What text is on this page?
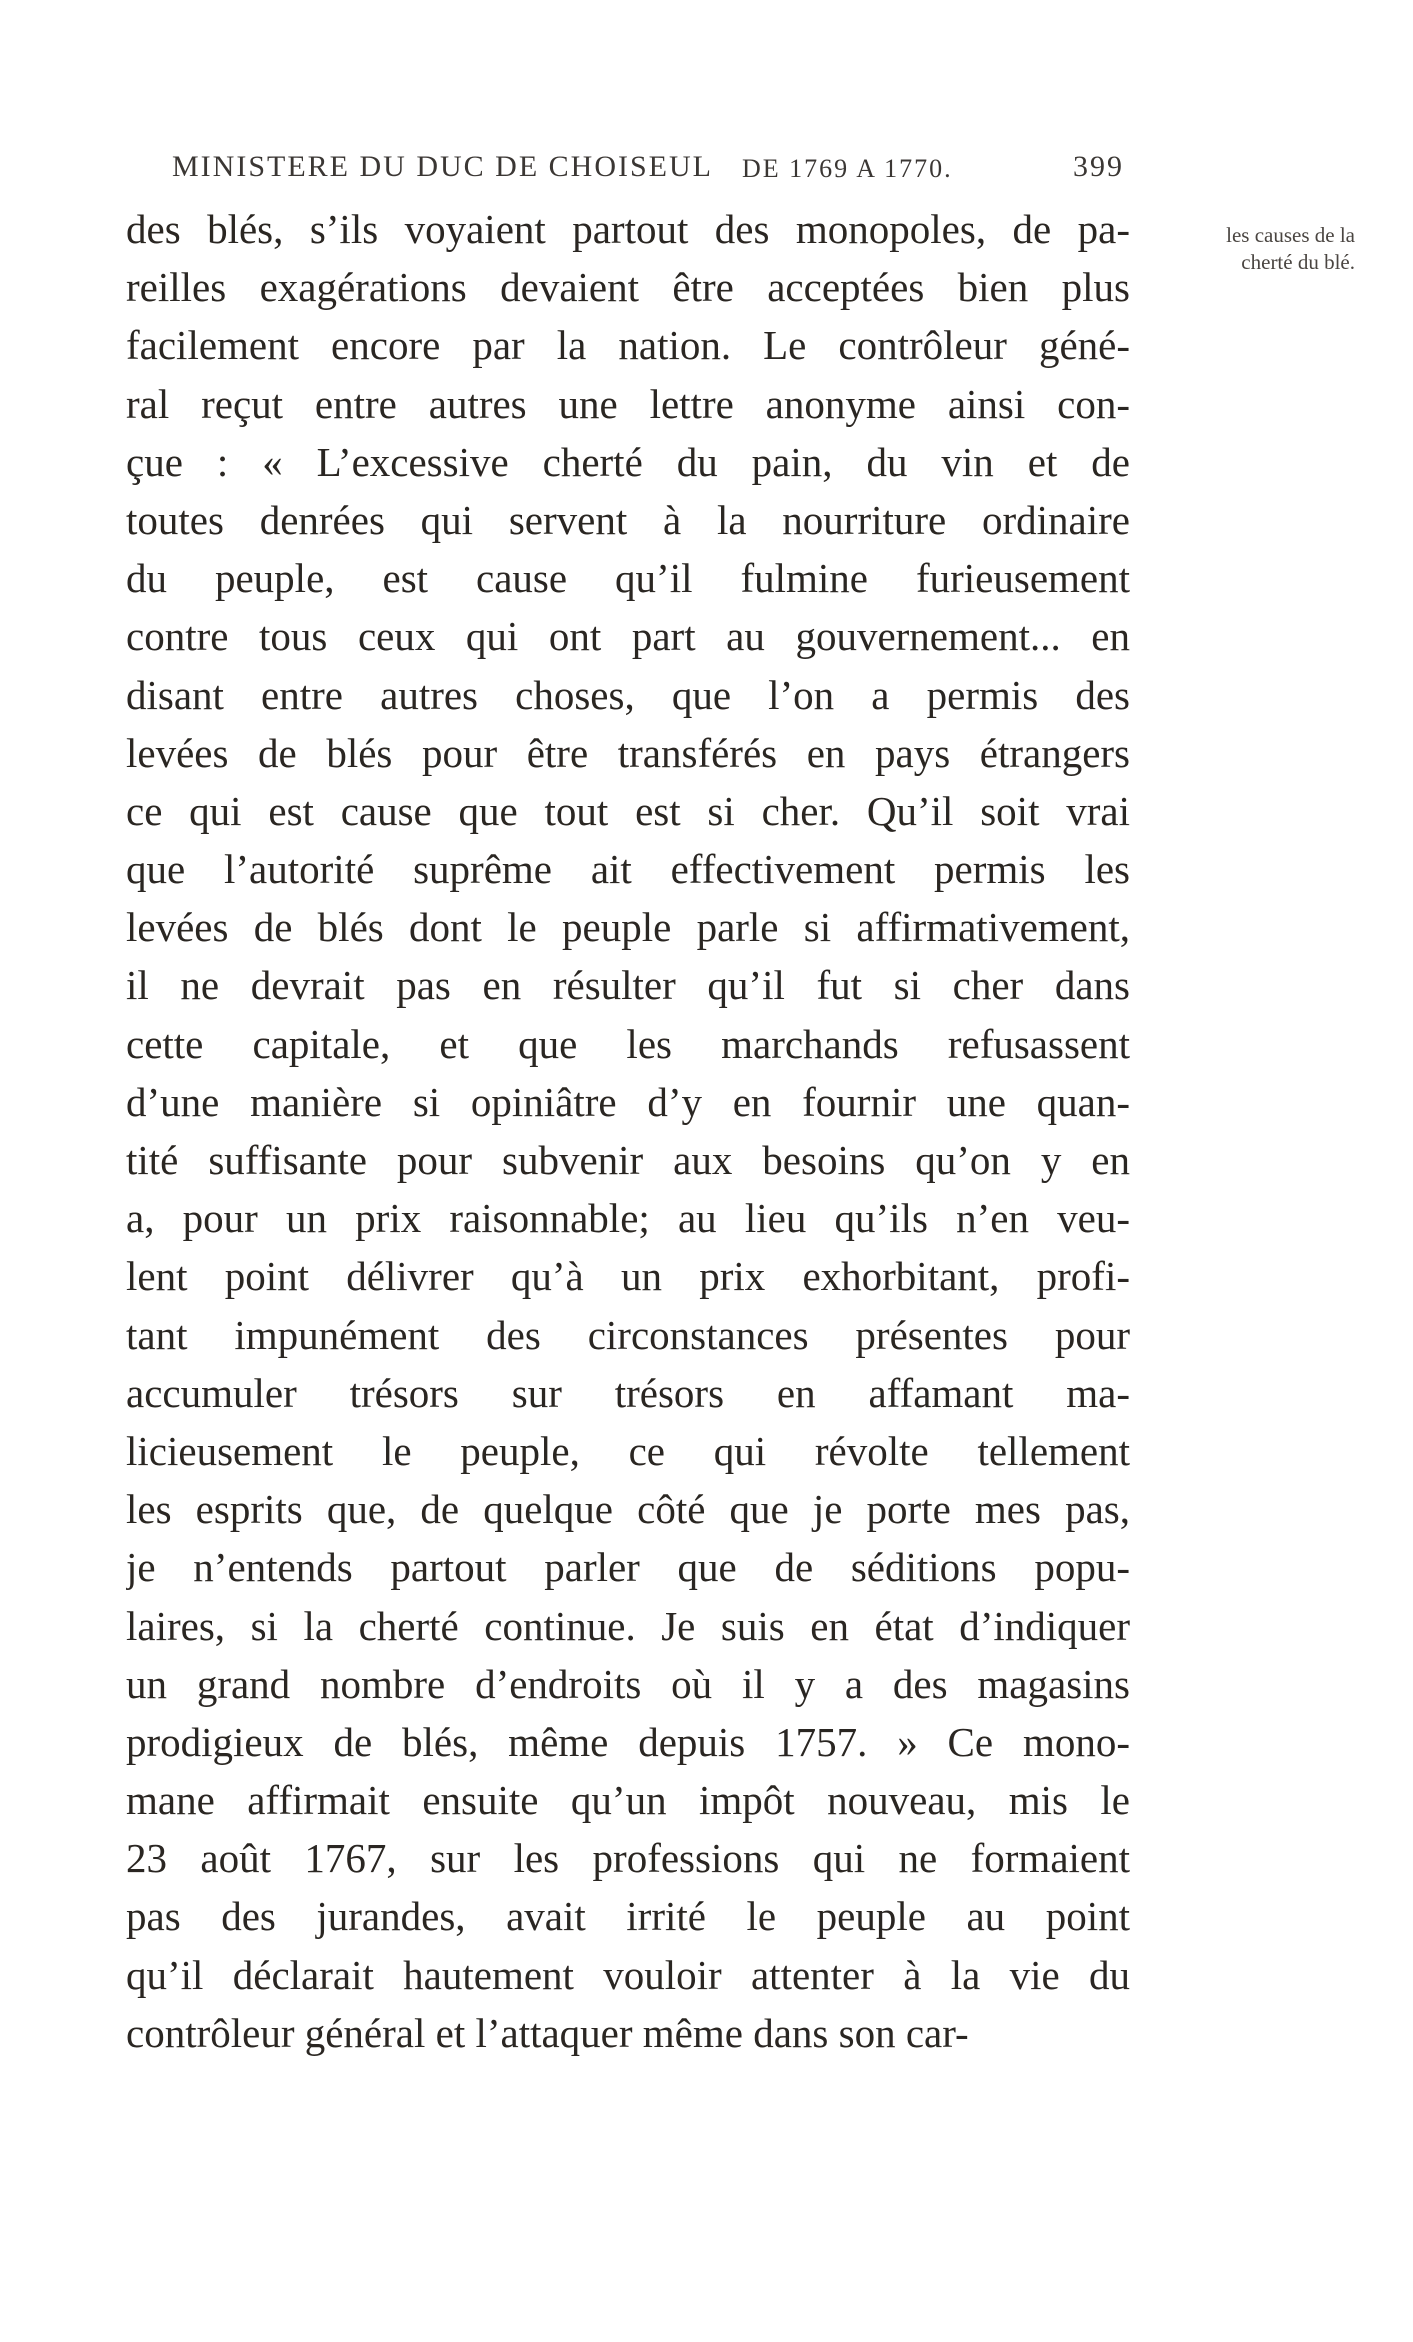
MINISTERE DU DUC DE CHOISEUL DE 1769 A 1770.	399
les causes de la
cherté du blé.
des blés, s’ils voyaient partout des monopoles, de pa-
reilles exagérations devaient être acceptées bien plus
facilement encore par la nation. Le contrôleur géné-
ral reçut entre autres une lettre anonyme ainsi con-
çue : « L’excessive cherté du pain, du vin et de
toutes denrées qui servent à la nourriture ordinaire
du peuple, est cause qu’il fulmine furieusement
contre tous ceux qui ont part au gouvernement... en
disant entre autres choses, que l’on a permis des
levées de blés pour être transférés en pays étrangers
ce qui est cause que tout est si cher. Qu’il soit vrai
que l’autorité suprême ait effectivement permis les
levées de blés dont le peuple parle si affirmativement,
il ne devrait pas en résulter qu’il fut si cher dans
cette capitale, et que les marchands refusassent
d’une manière si opiniâtre d’y en fournir une quan-
tité suffisante pour subvenir aux besoins qu’on y en
a, pour un prix raisonnable; au lieu qu’ils n’en veu-
lent point délivrer qu’à un prix exhorbitant, profi-
tant impunément des circonstances présentes pour
accumuler trésors sur trésors en affamant ma-
licieusement le peuple, ce qui révolte tellement
les esprits que, de quelque côté que je porte mes pas,
je n’entends partout parler que de séditions popu-
laires, si la cherté continue. Je suis en état d’indiquer
un grand nombre d’endroits où il y a des magasins
prodigieux de blés, même depuis 1757. » Ce mono-
mane affirmait ensuite qu’un impôt nouveau, mis le
23 août 1767, sur les professions qui ne formaient
pas des jurandes, avait irrité le peuple au point
qu’il déclarait hautement vouloir attenter à la vie du
contrôleur général et l’attaquer même dans son car-
